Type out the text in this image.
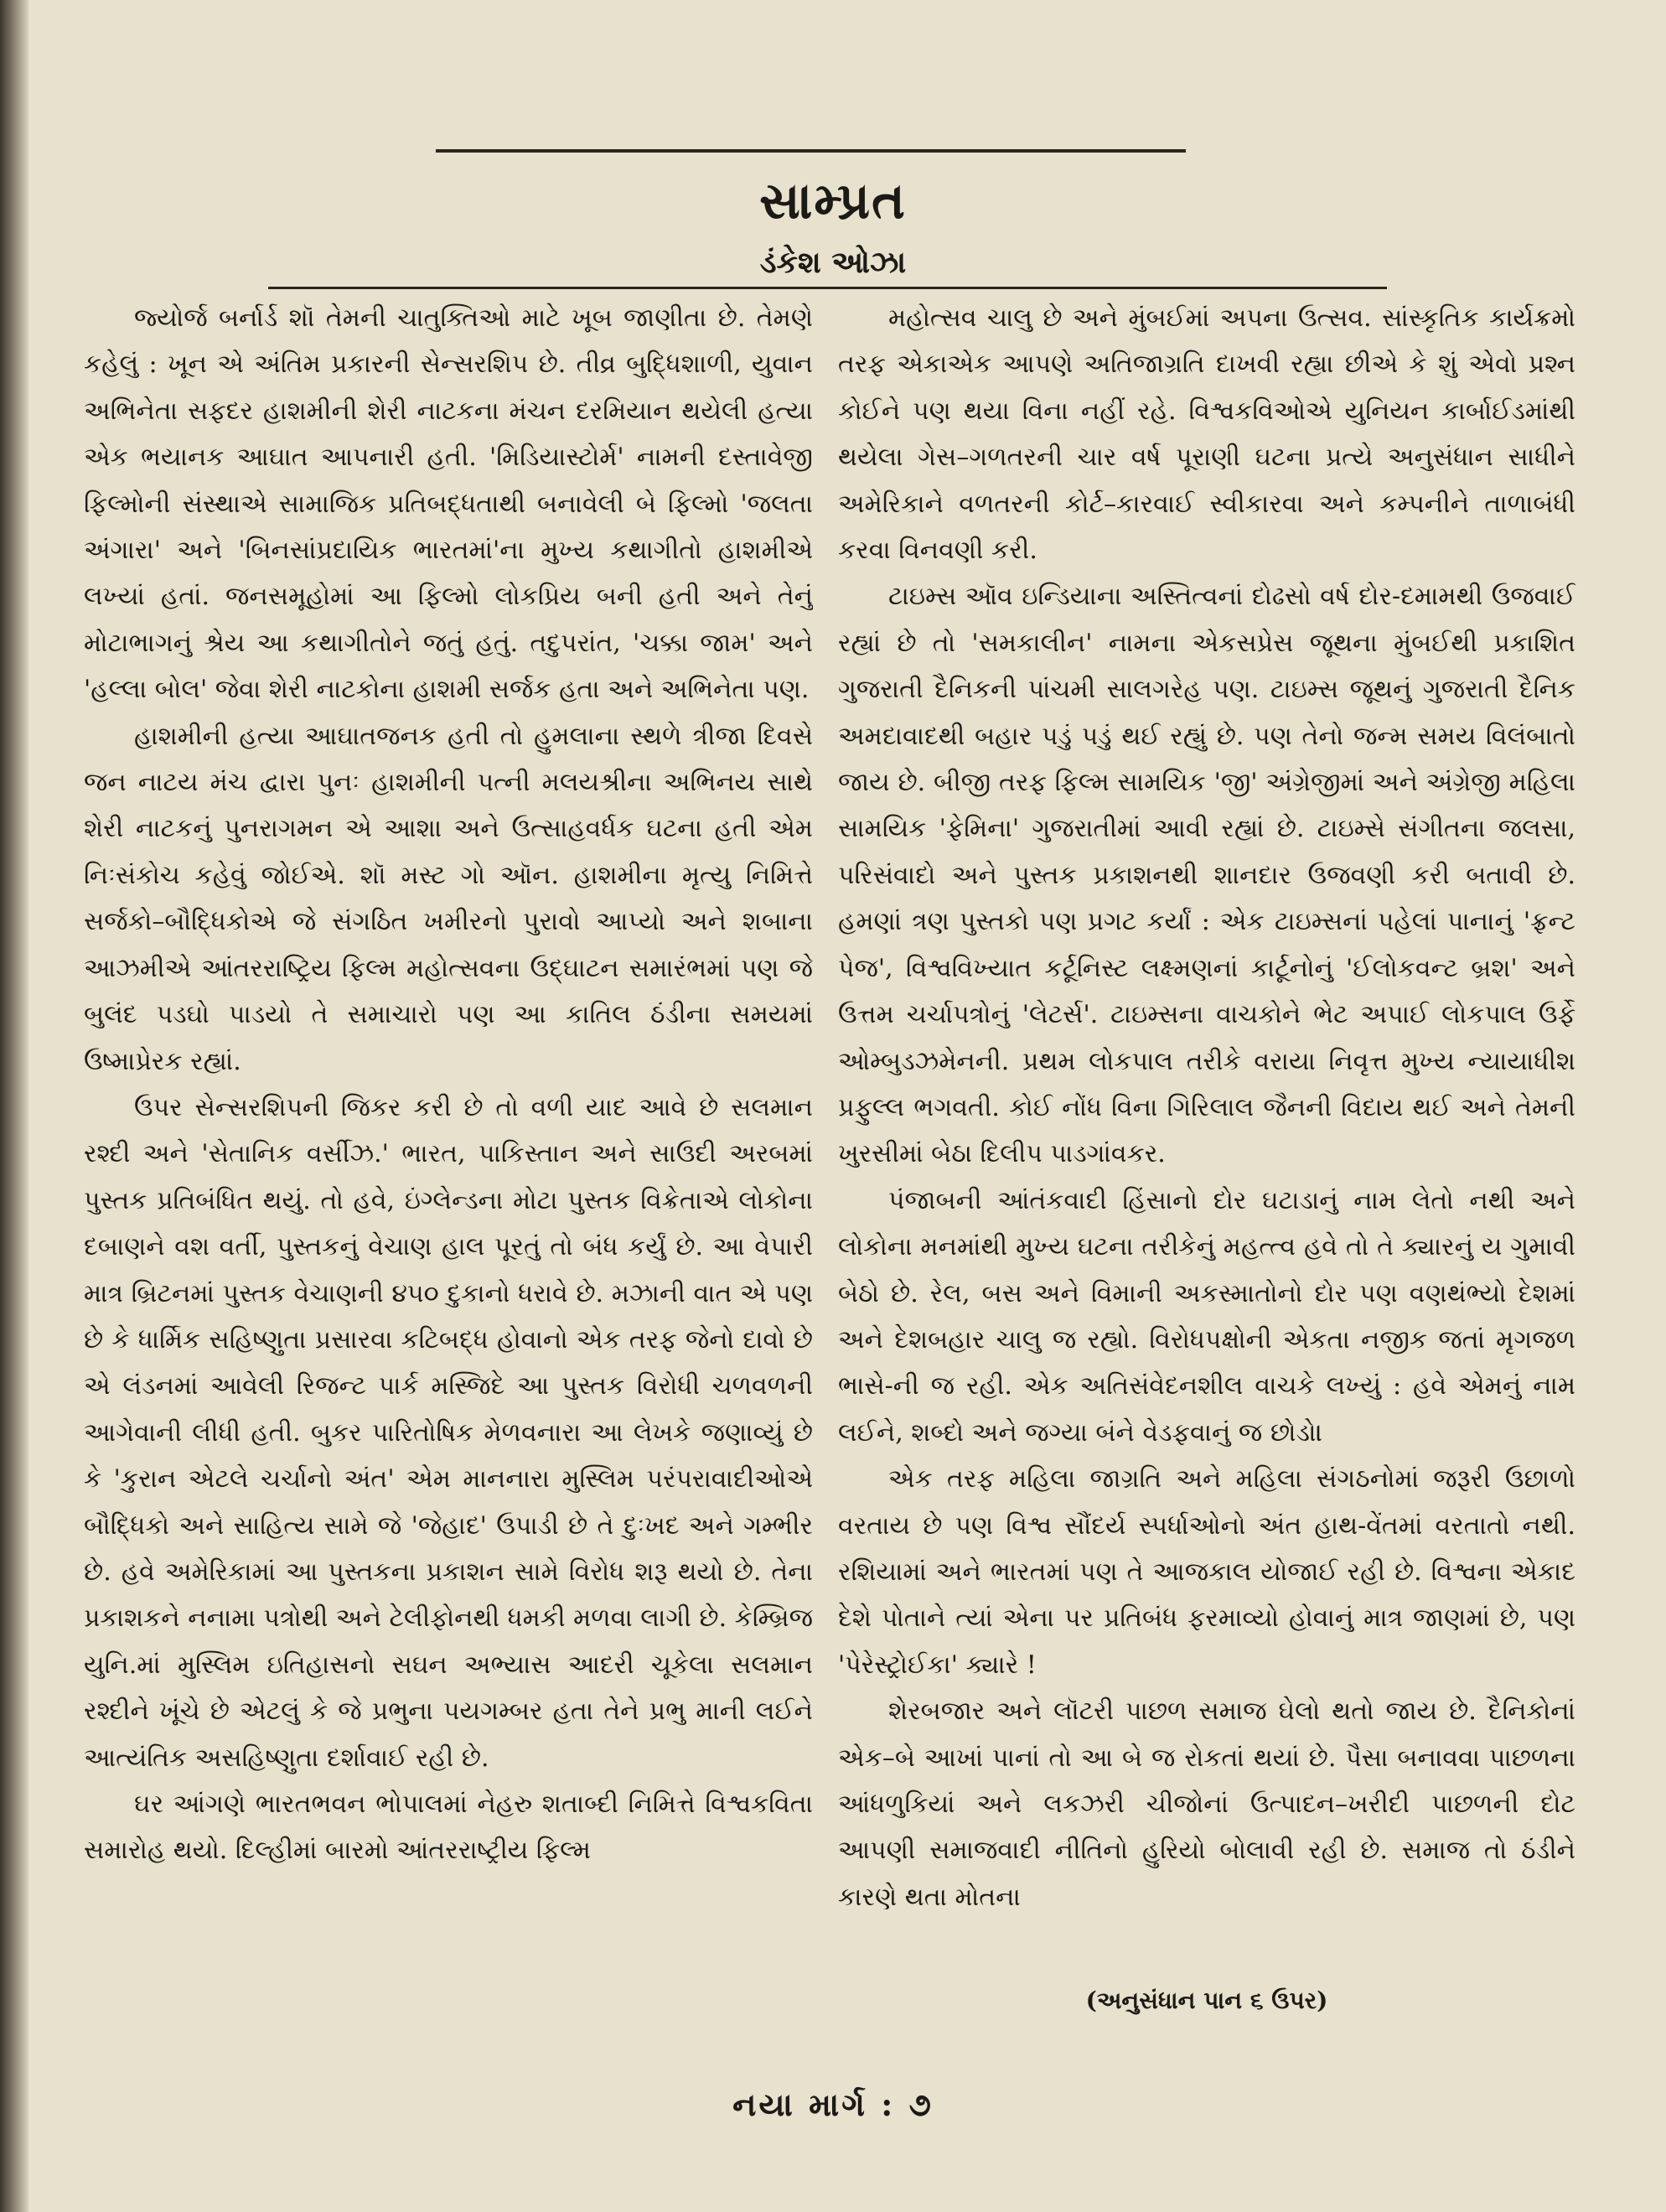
સામ્પ્રત
ડંકેશ ઓઝા

જ્યોર્જ બર્નાર્ડ શૉ તેમની ચાતુક્તિઓ માટે ખૂબ જાણીતા છે. તેમણે કહેલું : ખૂન એ અંતિમ પ્રકારની સેન્સરશિપ છે. તીવ્ર બુદ્ધિશાળી, યુવાન અભિનેતા સફદર હાશમીની શેરી નાટકના મંચન દરમિયાન થયેલી હત્યા એક ભયાનક આઘાત આપનારી હતી. 'મિડિયાસ્ટોર્મ' નામની દસ્તાવેજી ફિલ્મોની સંસ્થાએ સામાજિક પ્રતિબદ્ધતાથી બનાવેલી બે ફિલ્મો 'જલતા અંગારા' અને 'બિનસાંપ્રદાયિક ભારતમાં'ના મુખ્ય કથાગીતો હાશમીએ લખ્યાં હતાં. જનસમૂહોમાં આ ફિલ્મો લોકપ્રિય બની હતી અને તેનું મોટાભાગનું શ્રેય આ કથાગીતોને જતું હતું. તદુપરાંત, 'ચક્કા જામ' અને 'હલ્લા બોલ' જેવા શેરી નાટકોના હાશમી સર્જક હતા અને અભિનેતા પણ.

હાશમીની હત્યા આઘાતજનક હતી તો હુમલાના સ્થળે ત્રીજા દિવસે જન નાટય મંચ દ્વારા પુનઃ હાશમીની પત્ની મલયશ્રીના અભિનય સાથે શેરી નાટકનું પુનરાગમન એ આશા અને ઉત્સાહવર્ધક ઘટના હતી એમ નિઃસંકોચ કહેવું જોઈએ. શૉ મસ્ટ ગો ઑન. હાશમીના મૃત્યુ નિમિત્તે સર્જકો–બૌદ્ધિકોએ જે સંગઠિત ખમીરનો પુરાવો આપ્યો અને શબાના આઝમીએ આંતરરાષ્ટ્રિય ફિલ્મ મહોત્સવના ઉદ્ઘાટન સમારંભમાં પણ જે બુલંદ પડઘો પાડયો તે સમાચારો પણ આ કાતિલ ઠંડીના સમયમાં ઉષ્માપ્રેરક રહ્યાં.

ઉપર સેન્સરશિપની જિકર કરી છે તો વળી યાદ આવે છે સલમાન રશ્દી અને 'સેતાનિક વર્સીઝ.' ભારત, પાકિસ્તાન અને સાઉદી અરબમાં પુસ્તક પ્રતિબંધિત થયું. તો હવે, ઇંગ્લેન્ડના મોટા પુસ્તક વિક્રેતાએ લોકોના દબાણને વશ વર્તી, પુસ્તકનું વેચાણ હાલ પૂરતું તો બંધ કર્યું છે. આ વેપારી માત્ર બ્રિટનમાં પુસ્તક વેચાણની ૪૫૦ દુકાનો ધરાવે છે. મઝાની વાત એ પણ છે કે ધાર્મિક સહિષ્ણુતા પ્રસારવા કટિબદ્ધ હોવાનો એક તરફ જેનો દાવો છે એ લંડનમાં આવેલી રિજન્ટ પાર્ક મસ્જિદે આ પુસ્તક વિરોધી ચળવળની આગેવાની લીધી હતી. બુકર પારિતોષિક મેળવનારા આ લેખકે જણાવ્યું છે કે 'કુરાન એટલે ચર્ચાનો અંત' એમ માનનારા મુસ્લિમ પરંપરાવાદીઓએ બૌદ્ધિકો અને સાહિત્ય સામે જે 'જેહાદ' ઉપાડી છે તે દુઃખદ અને ગમ્ભીર છે. હવે અમેરિકામાં આ પુસ્તકના પ્રકાશન સામે વિરોધ શરૂ થયો છે. તેના પ્રકાશકને નનામા પત્રોથી અને ટેલીફોનથી ધમકી મળવા લાગી છે. કેમ્બ્રિજ યુનિ.માં મુસ્લિમ ઇતિહાસનો સઘન અભ્યાસ આદરી ચૂકેલા સલમાન રશ્દીને ખૂંચે છે એટલું કે જે પ્રભુના પયગમ્બર હતા તેને પ્રભુ માની લઈને આત્યંતિક અસહિષ્ણુતા દર્શાવાઈ રહી છે.

ઘર આંગણે ભારતભવન ભોપાલમાં નેહરુ શતાબ્દી નિમિત્તે વિશ્વકવિતા સમારોહ થયો. દિલ્હીમાં બારમો આંતરરાષ્ટ્રીય ફિલ્મ

મહોત્સવ ચાલુ છે અને મુંબઈમાં અપના ઉત્સવ. સાંસ્કૃતિક કાર્યક્રમો તરફ એકાએક આપણે અતિજાગ્રતિ દાખવી રહ્યા છીએ કે શું એવો પ્રશ્ન કોઈને પણ થયા વિના નહીં રહે. વિશ્વકવિઓએ યુનિયન કાર્બાઈડમાંથી થયેલા ગેસ–ગળતરની ચાર વર્ષ પૂરાણી ઘટના પ્રત્યે અનુસંધાન સાધીને અમેરિકાને વળતરની કોર્ટ–કારવાઈ સ્વીકારવા અને કમ્પનીને તાળાબંધી કરવા વિનવણી કરી.

ટાઇમ્સ ઑવ ઇન્ડિયાના અસ્તિત્વનાં દોઢસો વર્ષ દોર-દમામથી ઉજવાઈ રહ્યાં છે તો 'સમકાલીન' નામના એકસપ્રેસ જૂથના મુંબઈથી પ્રકાશિત ગુજરાતી દૈનિકની પાંચમી સાલગરેહ પણ. ટાઇમ્સ જૂથનું ગુજરાતી દૈનિક અમદાવાદથી બહાર પડું પડું થઈ રહ્યું છે. પણ તેનો જન્મ સમય વિલંબાતો જાય છે. બીજી તરફ ફિલ્મ સામયિક 'જી' અંગ્રેજીમાં અને અંગ્રેજી મહિલા સામયિક 'ફેમિના' ગુજરાતીમાં આવી રહ્યાં છે. ટાઇમ્સે સંગીતના જલસા, પરિસંવાદો અને પુસ્તક પ્રકાશનથી શાનદાર ઉજવણી કરી બતાવી છે. હમણાં ત્રણ પુસ્તકો પણ પ્રગટ કર્યાં : એક ટાઇમ્સનાં પહેલાં પાનાનું 'ફ્રન્ટ પેજ', વિશ્વવિખ્યાત કર્ટૂનિસ્ટ લક્ષ્મણનાં કાર્ટૂનોનું 'ઈલોકવન્ટ બ્રશ' અને ઉત્તમ ચર્ચાપત્રોનું 'લેટર્સ'. ટાઇમ્સના વાચકોને ભેટ અપાઈ લોકપાલ ઉર્ફે ઓમ્બુડઝમેનની. પ્રથમ લોકપાલ તરીકે વરાયા નિવૃત્ત મુખ્ય ન્યાયાધીશ પ્રફુલ્લ ભગવતી. કોઈ નોંધ વિના ગિરિલાલ જૈનની વિદાય થઈ અને તેમની ખુરસીમાં બેઠા દિલીપ પાડગાંવકર.

પંજાબની આંતંકવાદી હિંસાનો દોર ઘટાડાનું નામ લેતો નથી અને લોકોના મનમાંથી મુખ્ય ઘટના તરીકેનું મહત્ત્વ હવે તો તે ક્યારનું ય ગુમાવી બેઠો છે. રેલ, બસ અને વિમાની અકસ્માતોનો દોર પણ વણથંભ્યો દેશમાં અને દેશબહાર ચાલુ જ રહ્યો. વિરોધપક્ષોની એકતા નજીક જતાં મૃગજળ ભાસે-ની જ રહી. એક અતિસંવેદનશીલ વાચકે લખ્યું : હવે એમનું નામ લઈને, શબ્દો અને જગ્યા બંને વેડફવાનું જ છોડો।

એક તરફ મહિલા જાગ્રતિ અને મહિલા સંગઠનોમાં જરૂરી ઉછાળો વરતાય છે પણ વિશ્વ સૌંદર્ય સ્પર્ધાઓનો અંત હાથ-વેંતમાં વરતાતો નથી. રશિયામાં અને ભારતમાં પણ તે આજકાલ યોજાઈ રહી છે. વિશ્વના એકાદ દેશે પોતાને ત્યાં એના પર પ્રતિબંધ ફરમાવ્યો હોવાનું માત્ર જાણમાં છે, પણ 'પેરેસ્ટ્રોઈકા' ક્યારે !

શેરબજાર અને લૉટરી પાછળ સમાજ ઘેલો થતો જાય છે. દૈનિકોનાં એક–બે આખાં પાનાં તો આ બે જ રોકતાં થયાં છે. પૈસા બનાવવા પાછળના આંધળુકિયાં અને લકઝરી ચીજોનાં ઉત્પાદન–ખરીદી પાછળની દોટ આપણી સમાજવાદી નીતિનો હુરિયો બોલાવી રહી છે. સમાજ તો ઠંડીને કારણે થતા મોતના

(અનુસંધાન પાન ૬ ઉપર)
નયા માર્ગ : ૭
